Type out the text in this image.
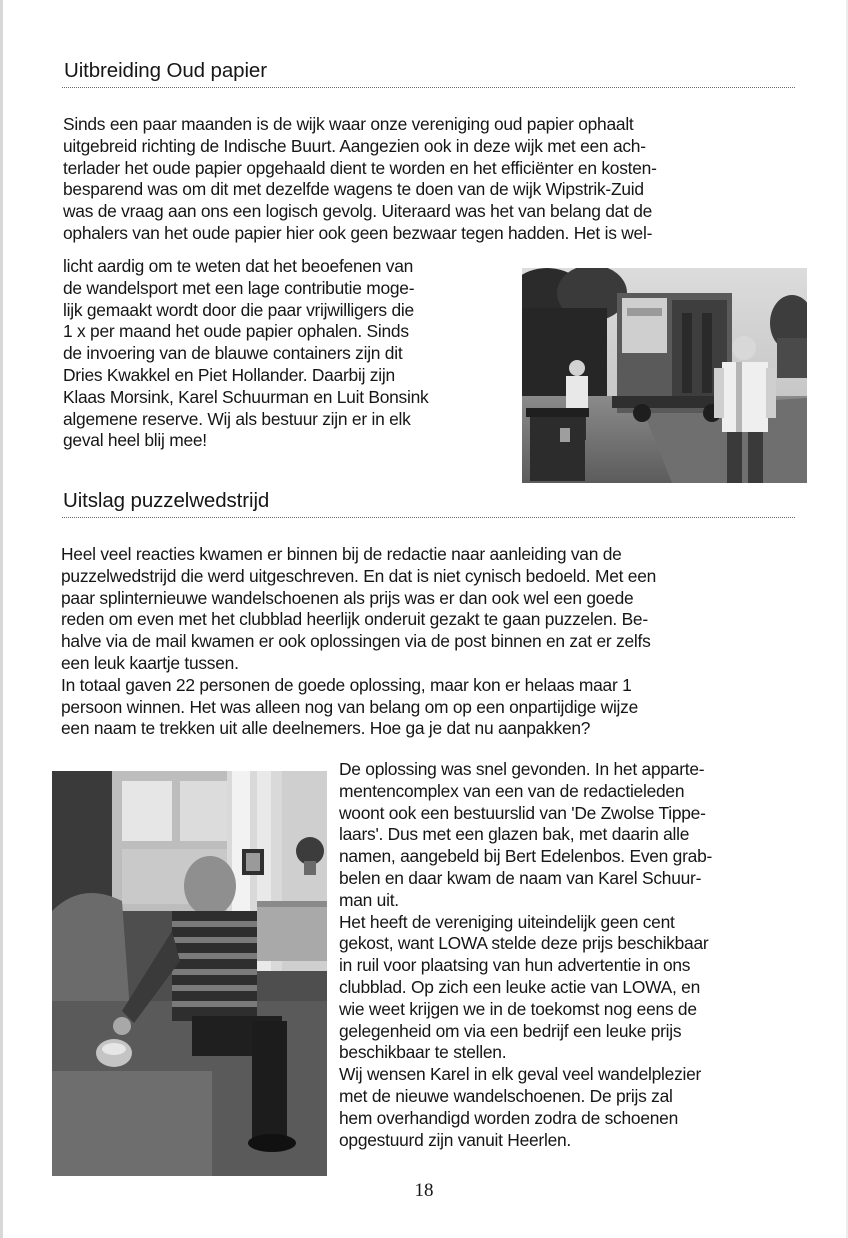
Uitbreiding Oud papier
Sinds een paar maanden is de wijk waar onze vereniging oud papier ophaalt
uitgebreid richting de Indische Buurt. Aangezien ook in deze wijk met een ach-
terlader het oude papier opgehaald dient te worden en het efficiënter en kosten-
besparend was om dit met dezelfde wagens te doen van de wijk Wipstrik-Zuid
was de vraag aan ons een logisch gevolg. Uiteraard was het van belang dat de
ophalers van het oude papier hier ook geen bezwaar tegen hadden. Het is wel-
licht aardig om te weten dat het beoefenen van
de wandelsport met een lage contributie moge-
lijk gemaakt wordt door die paar vrijwilligers die
1 x per maand het oude papier ophalen. Sinds
de invoering van de blauwe containers zijn dit
Dries Kwakkel en Piet Hollander. Daarbij zijn
Klaas Morsink, Karel Schuurman en Luit Bonsink
algemene reserve. Wij als bestuur zijn er in elk
geval heel blij mee!
Uitslag puzzelwedstrijd
Heel veel reacties kwamen er binnen bij de redactie naar aanleiding van de
puzzelwedstrijd die werd uitgeschreven. En dat is niet cynisch bedoeld. Met een
paar splinternieuwe wandelschoenen als prijs was er dan ook wel een goede
reden om even met het clubblad heerlijk onderuit gezakt te gaan puzzelen. Be-
halve via de mail kwamen er ook oplossingen via de post binnen en zat er zelfs
een leuk kaartje tussen.
In totaal gaven 22 personen de goede oplossing, maar kon er helaas maar 1
persoon winnen. Het was alleen nog van belang om op een onpartijdige wijze
een naam te trekken uit alle deelnemers. Hoe ga je dat nu aanpakken?
De oplossing was snel gevonden. In het apparte-
mentencomplex van een van de redactieleden
woont ook een bestuurslid van 'De Zwolse Tippe-
laars'. Dus met een glazen bak, met daarin alle
namen, aangebeld bij Bert Edelenbos. Even grab-
belen en daar kwam de naam van Karel Schuur-
man uit.
Het heeft de vereniging uiteindelijk geen cent
gekost, want LOWA stelde deze prijs beschikbaar
in ruil voor plaatsing van hun advertentie in ons
clubblad. Op zich een leuke actie van LOWA, en
wie weet krijgen we in de toekomst nog eens de
gelegenheid om via een bedrijf een leuke prijs
beschikbaar te stellen.
Wij wensen Karel in elk geval veel wandelplezier
met de nieuwe wandelschoenen. De prijs zal
hem overhandigd worden zodra de schoenen
opgestuurd zijn vanuit Heerlen.
18
